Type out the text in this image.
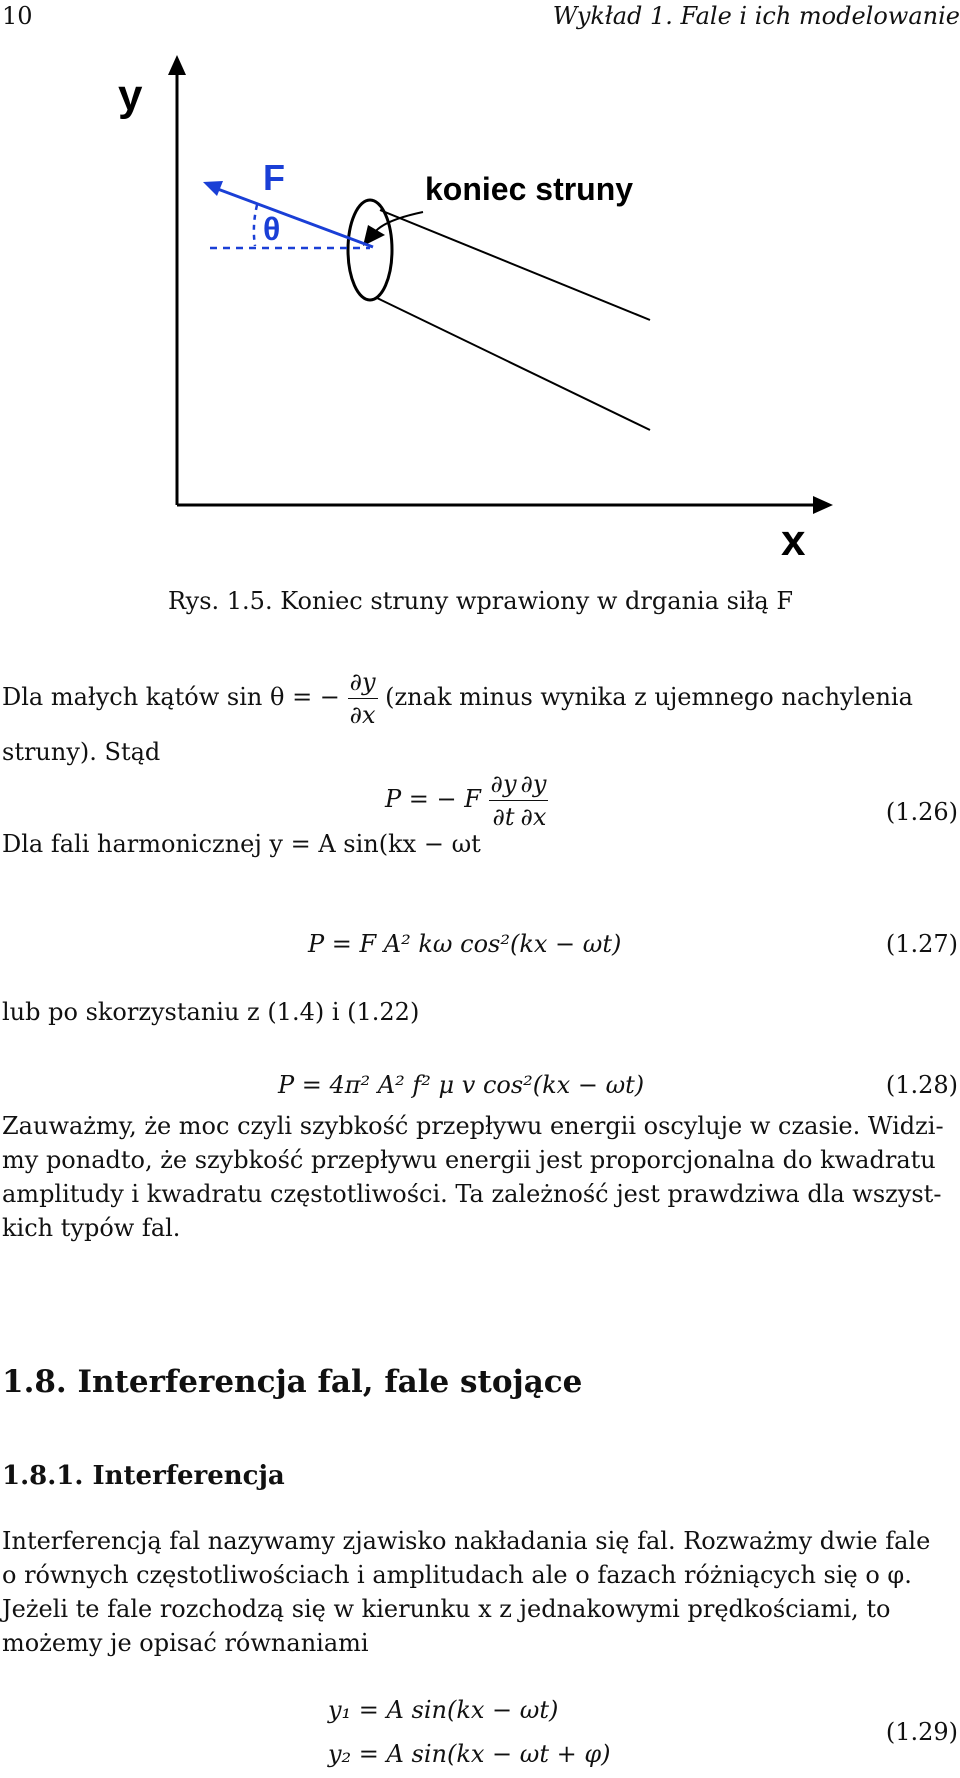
10	Wykład 1. Fale i ich modelowanie
y
x
koniec struny
F
θ
Rys. 1.5. Koniec struny wprawiony w drgania siłą F
Dla małych kątów sin θ = − $\frac{\partial y}{\partial x}$ (znak minus wynika z ujemnego nachylenia
struny). Stąd
P = − F $\frac{\partial y}{\partial t} \frac{\partial y}{\partial x}$	(1.26)
Dla fali harmonicznej y = A sin(kx − ωt
P = F A² kω cos²(kx − ωt)	(1.27)
lub po skorzystaniu z (1.4) i (1.22)
P = 4π² A² f² μ v cos²(kx − ωt)	(1.28)
Zauważmy, że moc czyli szybkość przepływu energii oscyluje w czasie. Widzi-
my ponadto, że szybkość przepływu energii jest proporcjonalna do kwadratu
amplitudy i kwadratu częstotliwości. Ta zależność jest prawdziwa dla wszyst-
kich typów fal.
1.8. Interferencja fal, fale stojące
1.8.1. Interferencja
Interferencją fal nazywamy zjawisko nakładania się fal. Rozważmy dwie fale
o równych częstotliwościach i amplitudach ale o fazach różniących się o φ.
Jeżeli te fale rozchodzą się w kierunku x z jednakowymi prędkościami, to
możemy je opisać równaniami
y₁ = A sin(kx − ωt)
y₂ = A sin(kx − ωt + φ)
(1.29)
